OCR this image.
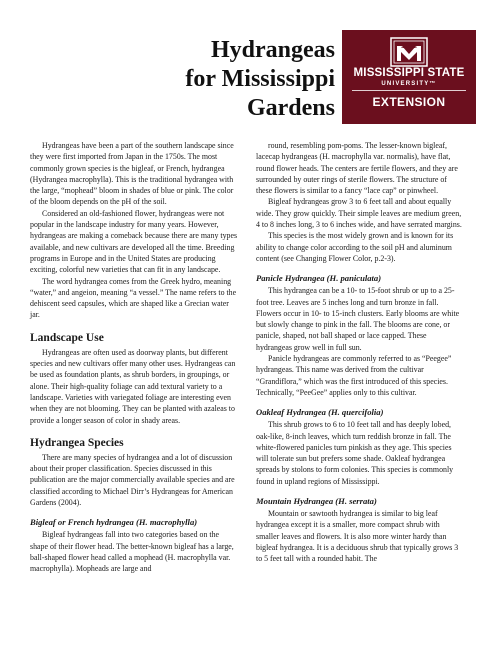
Hydrangeas
for Mississippi Gardens
STATE
MISSISSIPPI STATE
UNIVERSITY™
EXTENSION

Hydrangeas have been a part of the southern landscape since they were first imported from Japan in the 1750s. The most commonly grown species is the bigleaf, or French, hydrangea (Hydrangea macrophylla). This is the traditional hydrangea with the large, “mophead” bloom in shades of blue or pink. The color of the bloom depends on the pH of the soil.

Considered an old-fashioned flower, hydrangeas were not popular in the landscape industry for many years. However, hydrangeas are making a comeback because there are many types available, and new cultivars are developed all the time. Breeding programs in Europe and in the United States are producing exciting, colorful new varieties that can fit in any landscape.

The word hydrangea comes from the Greek hydro, meaning “water,” and angeion, meaning “a vessel.” The name refers to the dehiscent seed capsules, which are shaped like a Grecian water jar.

Landscape Use

Hydrangeas are often used as doorway plants, but different species and new cultivars offer many other uses. Hydrangeas can be used as foundation plants, as shrub borders, in groupings, or alone. Their high-quality foliage can add textural variety to a landscape. Varieties with variegated foliage are interesting even when they are not blooming. They can be planted with azaleas to provide a longer season of color in shady areas.

Hydrangea Species

There are many species of hydrangea and a lot of discussion about their proper classification. Species discussed in this publication are the major commercially available species and are classified according to Michael Dirr’s Hydrangeas for American Gardens (2004).

Bigleaf or French hydrangea (H. macrophylla)

Bigleaf hydrangeas fall into two categories based on the shape of their flower head. The better-known bigleaf has a large, ball-shaped flower head called a mophead (H. macrophylla var. macrophylla). Mopheads are large and

round, resembling pom-poms. The lesser-known bigleaf, lacecap hydrangeas (H. macrophylla var. normalis), have flat, round flower heads. The centers are fertile flowers, and they are surrounded by outer rings of sterile flowers. The structure of these flowers is similar to a fancy “lace cap” or pinwheel.

Bigleaf hydrangeas grow 3 to 6 feet tall and about equally wide. They grow quickly. Their simple leaves are medium green, 4 to 8 inches long, 3 to 6 inches wide, and have serrated margins.

This species is the most widely grown and is known for its ability to change color according to the soil pH and aluminum content (see Changing Flower Color, p.2-3).

Panicle Hydrangea (H. paniculata)

This hydrangea can be a 10- to 15-foot shrub or up to a 25-foot tree. Leaves are 5 inches long and turn bronze in fall. Flowers occur in 10- to 15-inch clusters. Early blooms are white but slowly change to pink in the fall. The blooms are cone, or panicle, shaped, not ball shaped or lace capped. These hydrangeas grow well in full sun.

Panicle hydrangeas are commonly referred to as “Peegee” hydrangeas. This name was derived from the cultivar “Grandiflora,” which was the first introduced of this species. Technically, “PeeGee” applies only to this cultivar.

Oakleaf Hydrangea (H. quercifolia)

This shrub grows to 6 to 10 feet tall and has deeply lobed, oak-like, 8-inch leaves, which turn reddish bronze in fall. The white-flowered panicles turn pinkish as they age. This species will tolerate sun but prefers some shade. Oakleaf hydrangea spreads by stolons to form colonies. This species is commonly found in upland regions of Mississippi.

Mountain Hydrangea (H. serrata)

Mountain or sawtooth hydrangea is similar to big leaf hydrangea except it is a smaller, more compact shrub with smaller leaves and flowers. It is also more winter hardy than bigleaf hydrangea. It is a deciduous shrub that typically grows 3 to 5 feet tall with a rounded habit. The
